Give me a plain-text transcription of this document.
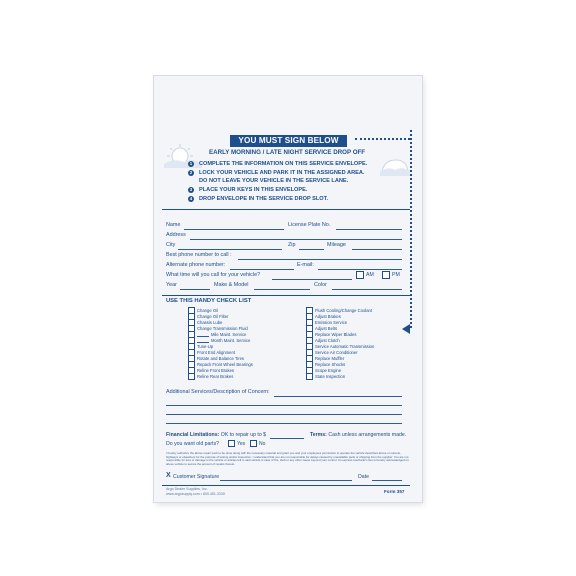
YOU MUST SIGN BELOW
EARLY MORNING / LATE NIGHT SERVICE DROP OFF
1	COMPLETE THE INFORMATION ON THIS SERVICE ENVELOPE.
2	LOCK YOUR VEHICLE AND PARK IT IN THE ASSIGNED AREA.
DO NOT LEAVE YOUR VEHICLE IN THE SERVICE LANE.
3	PLACE YOUR KEYS IN THIS ENVELOPE.
4	DROP ENVELOPE IN THE SERVICE DROP SLOT.
Name	License Plate No.
Address
City	Zip	Mileage
Best phone number to call :
Alternate phone number:	E-mail:
What time will you call for your vehicle?	AM	PM
Year	Make & Model	Color
USE THIS HANDY CHECK LIST
Change Oil
Change Oil Filter
Chassis Lube
Change Transmission Fluid
Mile Maint. Service
Month Maint. Service
Tune-Up
Front End Alignment
Rotate and Balance Tires
Repack Front Wheel Bearings
Reline Front Brakes
Reline Rear Brakes
Flush Cooling/Change Coolant
Adjust Brakes
Emission Service
Adjust Belts
Replace Wiper Blades
Adjust Clutch
Service Automatic Transmission
Service Air Conditioner
Replace Muffler
Replace Shocks
Scope Engine
State Inspection
Additional Services/Description of Concern:
Financial Limitations: OK to repair up to $	Terms: Cash unless arrangements made.
Do you want old parts?	Yes	No
I hereby authorize the above repair work to be done along with the necessary material and grant you and your employees permission to operate the vehicle described above on streets, highways or elsewhere for the purpose of testing and/or inspection. I understand that you are not responsible for delays caused by unavailable parts or shipping from the supplier. You are not responsible for loss or damage to the vehicle or articles left in said vehicle in case of fire, theft or any other cause beyond your control. An express mechanic's lien is hereby acknowledged on above vehicle to secure the amount of repairs thereto.
X Customer Signature	Date
Argo Dealer Supplies, Inc.
www.argosupply.com • 800.451.3330	Form 357
